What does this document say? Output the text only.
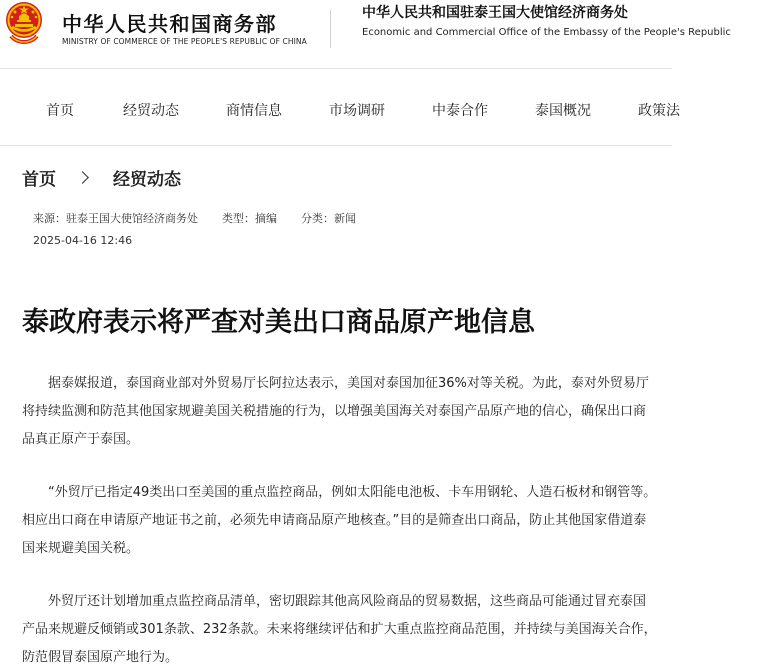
中华人民共和国商务部
MINISTRY OF COMMERCE OF THE PEOPLE'S REPUBLIC OF CHINA
中华人民共和国驻泰王国大使馆经济商务处
Economic and Commercial Office of the Embassy of the People's Republic
首页	经贸动态	商情信息	市场调研	中泰合作	泰国概况	政策法
首页	经贸动态
来源：驻泰王国大使馆经济商务处 类型：摘编 分类：新闻
2025-04-16 12:46
泰政府表示将严查对美出口商品原产地信息

据泰媒报道，泰国商业部对外贸易厅长阿拉达表示，美国对泰国加征36%对等关税。为此，泰对外贸易厅将持续监测和防范其他国家规避美国关税措施的行为，以增强美国海关对泰国产品原产地的信心，确保出口商品真正原产于泰国。

“外贸厅已指定49类出口至美国的重点监控商品，例如太阳能电池板、卡车用钢轮、人造石板材和钢管等。相应出口商在申请原产地证书之前，必须先申请商品原产地核查。”目的是筛查出口商品，防止其他国家借道泰国来规避美国关税。

外贸厅还计划增加重点监控商品清单，密切跟踪其他高风险商品的贸易数据，这些商品可能通过冒充泰国产品来规避反倾销或301条款、232条款。未来将继续评估和扩大重点监控商品范围，并持续与美国海关合作，防范假冒泰国原产地行为。
